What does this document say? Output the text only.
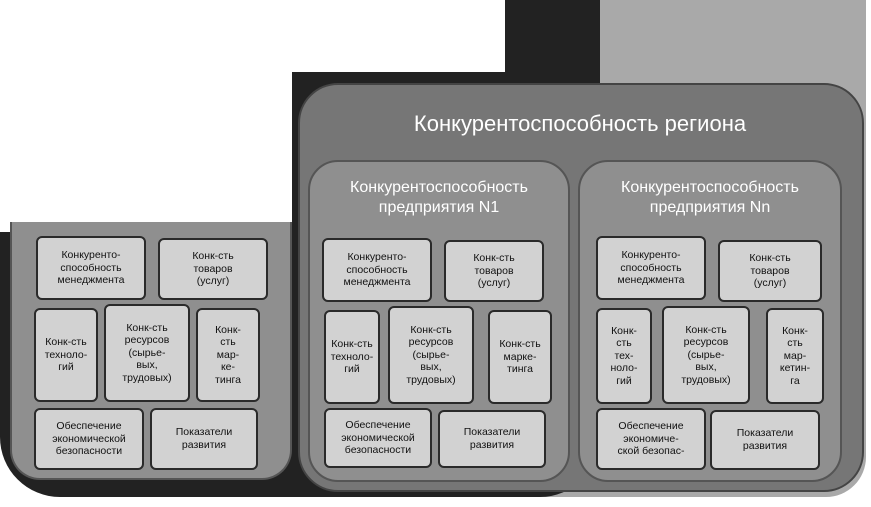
Конкурентоспособность региона
Конкурентоспособность
предприятия N1
Конкурентоспособность
предприятия Nn
Конкуренто-
способность
менеджмента
Конк-сть
товаров
(услуг)
Конк-сть
техноло-
гий
Конк-сть
ресурсов
(сырье-
вых,
трудовых)
Конк-
сть
мар-
ке-
тинга
Обеспечение
экономической
безопасности
Показатели
развития
Конкуренто-
способность
менеджмента
Конк-сть
товаров
(услуг)
Конк-сть
техноло-
гий
Конк-сть
ресурсов
(сырье-
вых,
трудовых)
Конк-сть
марке-
тинга
Обеспечение
экономической
безопасности
Показатели
развития
Конкуренто-
способность
менеджмента
Конк-сть
товаров
(услуг)
Конк-
сть
тех-
ноло-
гий
Конк-сть
ресурсов
(сырье-
вых,
трудовых)
Конк-
сть
мар-
кетин-
га
Обеспечение
экономиче-
ской безопас-
Показатели
развития
